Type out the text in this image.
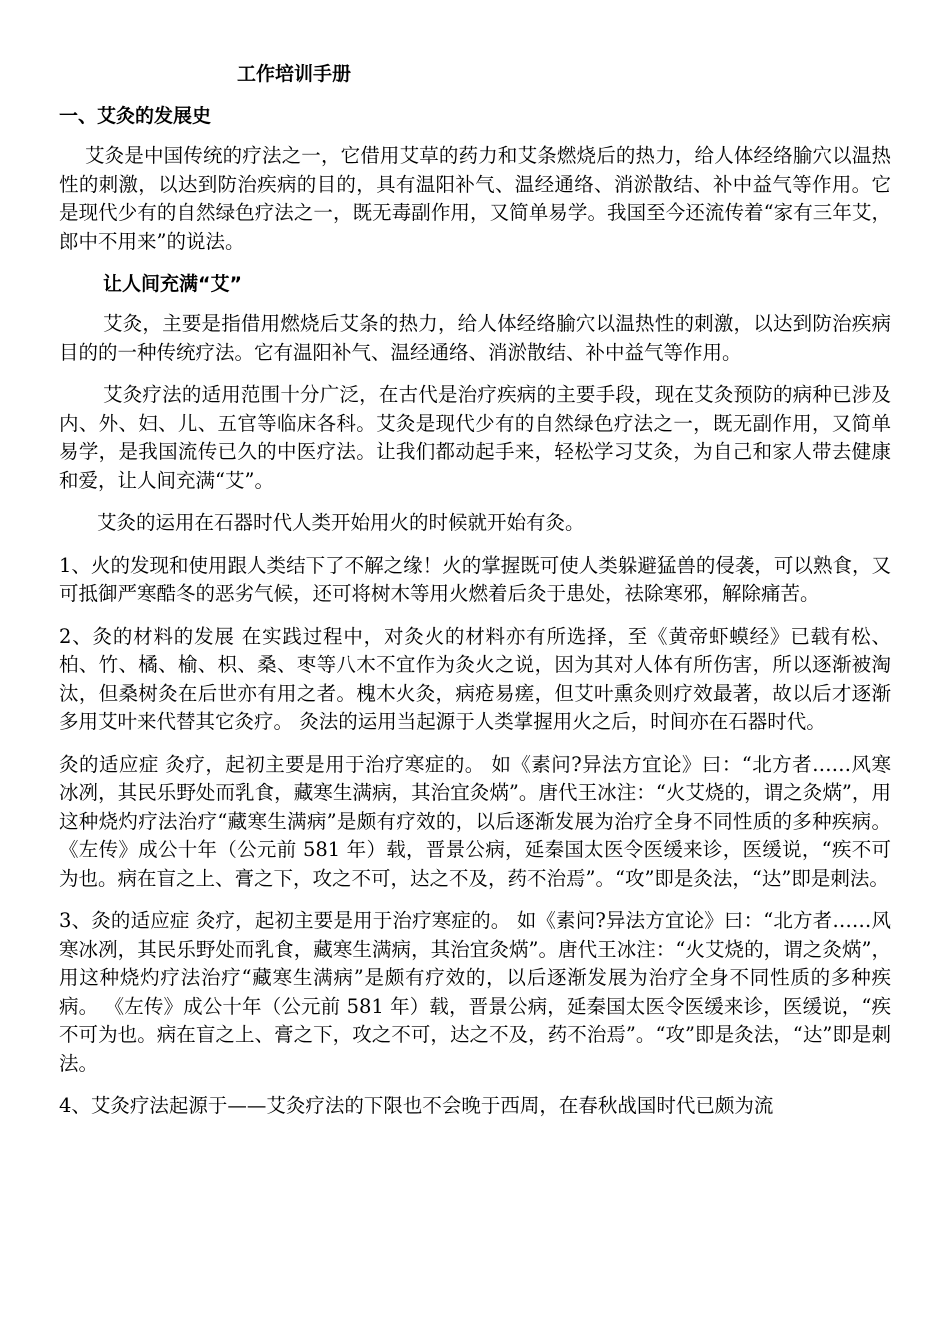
工作培训手册
一、艾灸的发展史

艾灸是中国传统的疗法之一，它借用艾草的药力和艾条燃烧后的热力，给人体经络腧穴以温热性的刺激，以达到防治疾病的目的，具有温阳补气、温经通络、消淤散结、补中益气等作用。它是现代少有的自然绿色疗法之一，既无毒副作用，又简单易学。我国至今还流传着“家有三年艾，郎中不用来”的说法。

让人间充满“艾”

艾灸，主要是指借用燃烧后艾条的热力，给人体经络腧穴以温热性的刺激，以达到防治疾病目的的一种传统疗法。它有温阳补气、温经通络、消淤散结、补中益气等作用。

艾灸疗法的适用范围十分广泛，在古代是治疗疾病的主要手段，现在艾灸预防的病种已涉及内、外、妇、儿、五官等临床各科。艾灸是现代少有的自然绿色疗法之一，既无副作用，又简单易学，是我国流传已久的中医疗法。让我们都动起手来，轻松学习艾灸，为自己和家人带去健康和爱，让人间充满“艾”。

艾灸的运用在石器时代人类开始用火的时候就开始有灸。

1、火的发现和使用跟人类结下了不解之缘！火的掌握既可使人类躲避猛兽的侵袭，可以熟食，又可抵御严寒酷冬的恶劣气候，还可将树木等用火燃着后灸于患处，祛除寒邪，解除痛苦。

2、灸的材料的发展 在实践过程中，对灸火的材料亦有所选择，至《黄帝虾蟆经》已载有松、柏、竹、橘、榆、枳、桑、枣等八木不宜作为灸火之说，因为其对人体有所伤害，所以逐渐被淘汰，但桑树灸在后世亦有用之者。槐木火灸，病疮易瘥，但艾叶熏灸则疗效最著，故以后才逐渐多用艾叶来代替其它灸疗。 灸法的运用当起源于人类掌握用火之后，时间亦在石器时代。

灸的适应症 灸疗，起初主要是用于治疗寒症的。 如《素问?异法方宜论》曰：“北方者……风寒冰冽，其民乐野处而乳食，藏寒生满病，其治宜灸焫”。唐代王冰注：“火艾烧的，谓之灸焫”，用这种烧灼疗法治疗“藏寒生满病”是颇有疗效的，以后逐渐发展为治疗全身不同性质的多种疾病。 《左传》成公十年（公元前 581 年）载，晋景公病，延秦国太医令医缓来诊，医缓说，“疾不可为也。病在盲之上、膏之下，攻之不可，达之不及，药不治焉”。“攻”即是灸法，“达”即是刺法。

3、灸的适应症 灸疗，起初主要是用于治疗寒症的。 如《素问?异法方宜论》曰：“北方者……风寒冰冽，其民乐野处而乳食，藏寒生满病，其治宜灸焫”。唐代王冰注：“火艾烧的，谓之灸焫”，用这种烧灼疗法治疗“藏寒生满病”是颇有疗效的，以后逐渐发展为治疗全身不同性质的多种疾病。 《左传》成公十年（公元前 581 年）载，晋景公病，延秦国太医令医缓来诊，医缓说，“疾不可为也。病在盲之上、膏之下，攻之不可，达之不及，药不治焉”。“攻”即是灸法，“达”即是刺法。

4、艾灸疗法起源于——艾灸疗法的下限也不会晚于西周，在春秋战国时代已颇为流
